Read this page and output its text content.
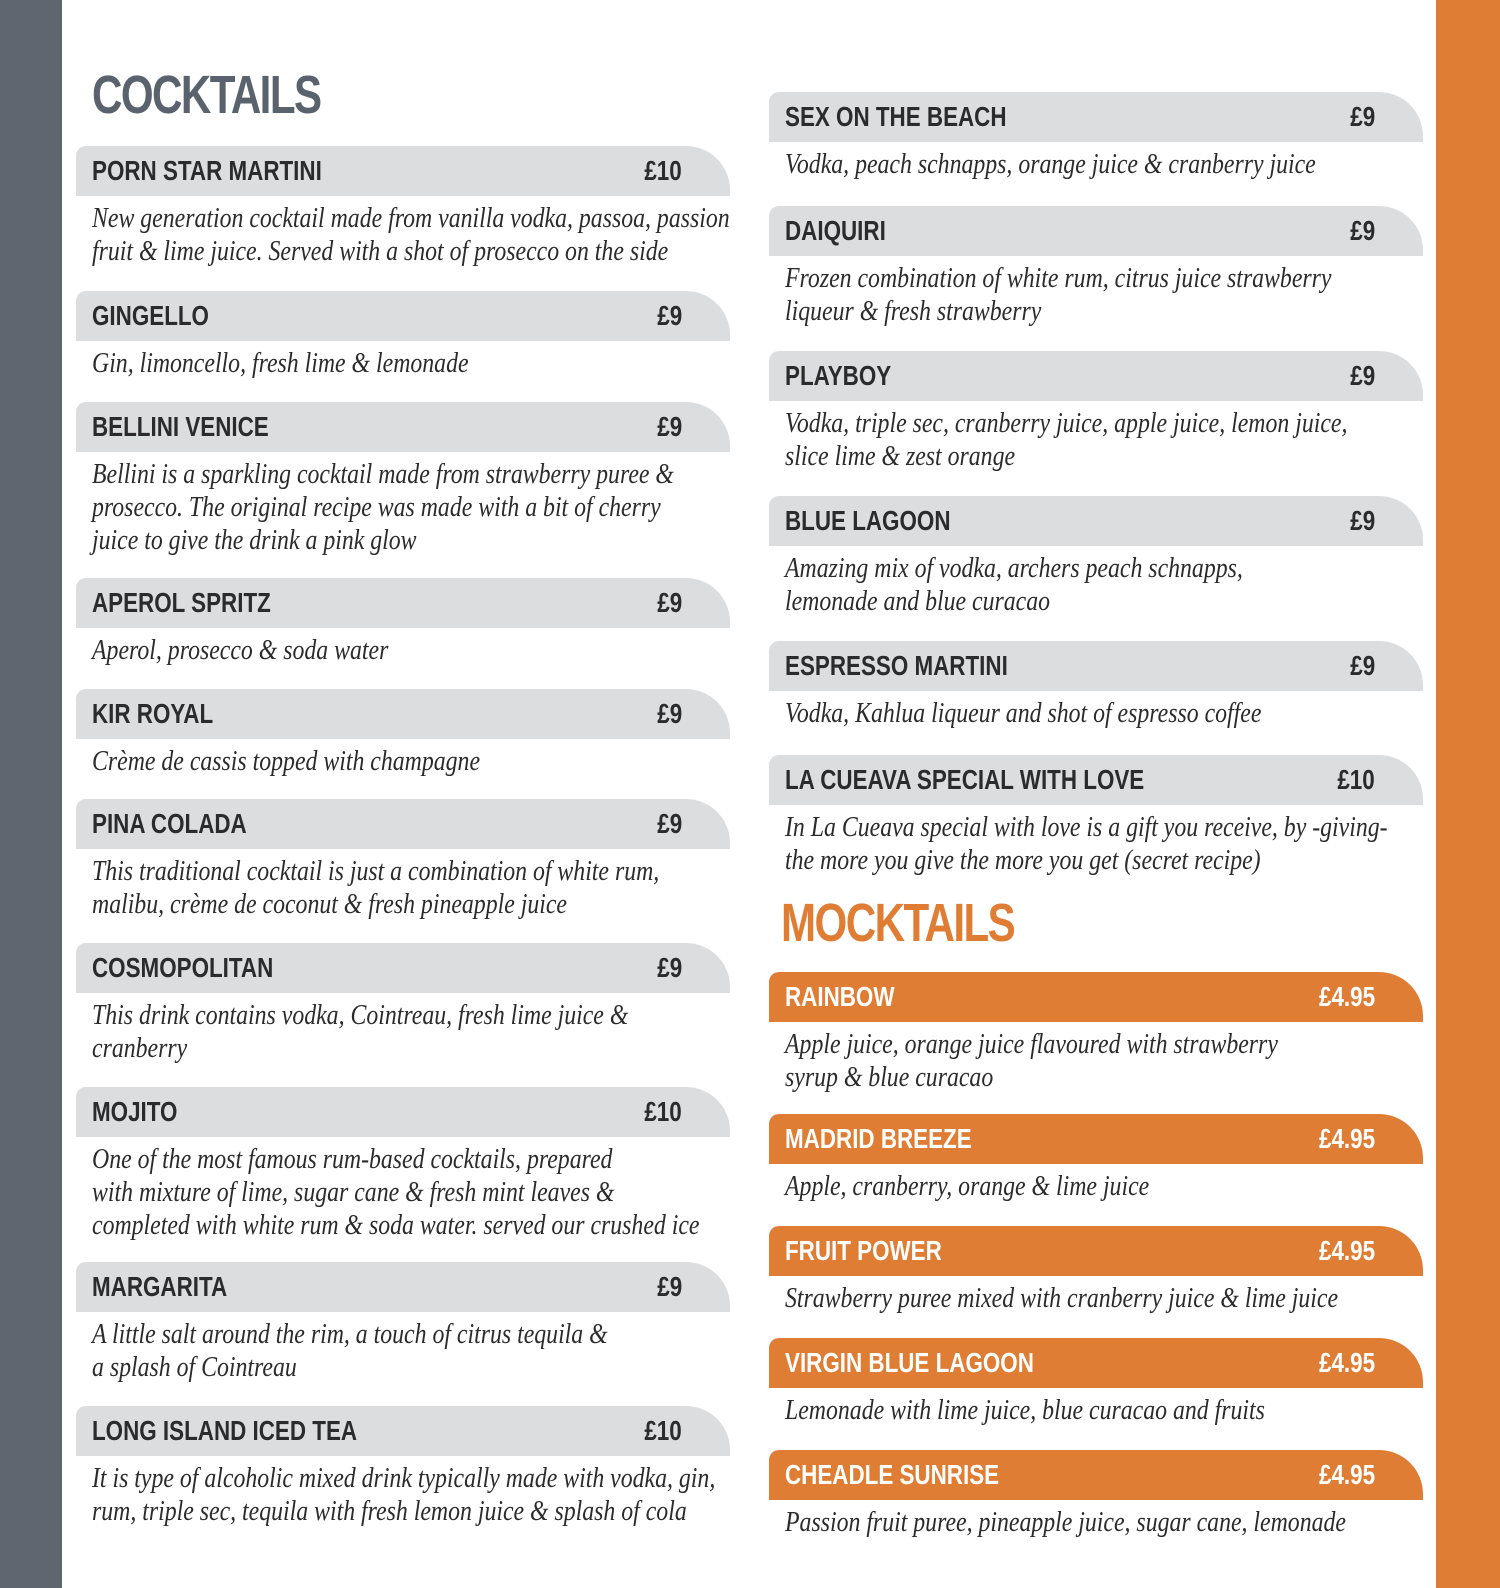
COCKTAILS
PORN STAR MARTINI	£10
New generation cocktail made from vanilla vodka, passoa, passion
fruit & lime juice. Served with a shot of prosecco on the side
GINGELLO	£9
Gin, limoncello, fresh lime & lemonade
BELLINI VENICE	£9
Bellini is a sparkling cocktail made from strawberry puree &
prosecco. The original recipe was made with a bit of cherry
juice to give the drink a pink glow
APEROL SPRITZ	£9
Aperol, prosecco & soda water
KIR ROYAL	£9
Crème de cassis topped with champagne
PINA COLADA	£9
This traditional cocktail is just a combination of white rum,
malibu, crème de coconut & fresh pineapple juice
COSMOPOLITAN	£9
This drink contains vodka, Cointreau, fresh lime juice &
cranberry
MOJITO	£10
One of the most famous rum-based cocktails, prepared
with mixture of lime, sugar cane & fresh mint leaves &
completed with white rum & soda water. served our crushed ice
MARGARITA	£9
A little salt around the rim, a touch of citrus tequila &
a splash of Cointreau
LONG ISLAND ICED TEA	£10
It is type of alcoholic mixed drink typically made with vodka, gin,
rum, triple sec, tequila with fresh lemon juice & splash of cola
SEX ON THE BEACH	£9
Vodka, peach schnapps, orange juice & cranberry juice
DAIQUIRI	£9
Frozen combination of white rum, citrus juice strawberry
liqueur & fresh strawberry
PLAYBOY	£9
Vodka, triple sec, cranberry juice, apple juice, lemon juice,
slice lime & zest orange
BLUE LAGOON	£9
Amazing mix of vodka, archers peach schnapps,
lemonade and blue curacao
ESPRESSO MARTINI	£9
Vodka, Kahlua liqueur and shot of espresso coffee
LA CUEAVA SPECIAL WITH LOVE	£10
In La Cueava special with love is a gift you receive, by -giving-
the more you give the more you get (secret recipe)
MOCKTAILS
RAINBOW	£4.95
Apple juice, orange juice flavoured with strawberry
syrup & blue curacao
MADRID BREEZE	£4.95
Apple, cranberry, orange & lime juice
FRUIT POWER	£4.95
Strawberry puree mixed with cranberry juice & lime juice
VIRGIN BLUE LAGOON	£4.95
Lemonade with lime juice, blue curacao and fruits
CHEADLE SUNRISE	£4.95
Passion fruit puree, pineapple juice, sugar cane, lemonade
